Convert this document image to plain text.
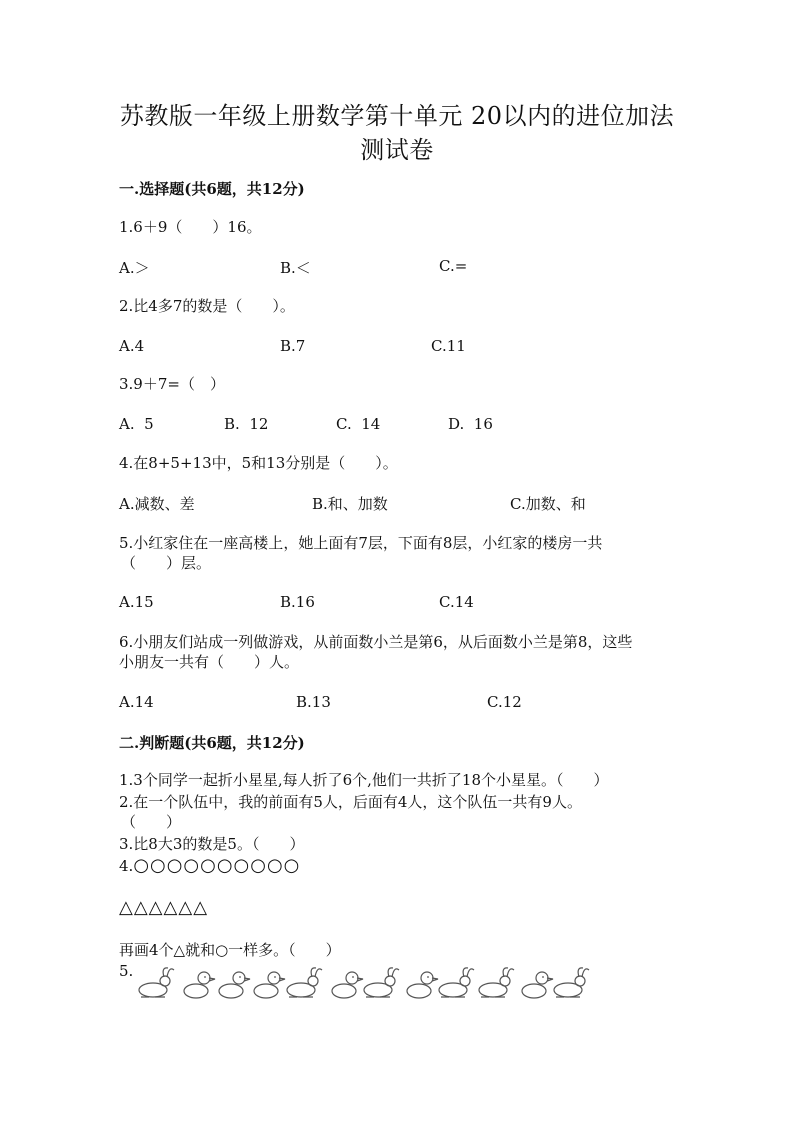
苏教版一年级上册数学第十单元 20以内的进位加法
测试卷
一.选择题(共6题，共12分)
1.6＋9（　　）16。
A.＞	B.＜	C.=
2.比4多7的数是（　　）。
A.4	B.7	C.11
3.9＋7=（　）
A.  5	B.  12	C.  14	D.  16
4.在8+5+13中，5和13分别是（　　）。
A.减数、差	B.和、加数	C.加数、和
5.小红家住在一座高楼上，她上面有7层，下面有8层，小红家的楼房一共
（　　）层。
A.15	B.16	C.14
6.小朋友们站成一列做游戏，从前面数小兰是第6，从后面数小兰是第8，这些
小朋友一共有（　　）人。
A.14	B.13	C.12
二.判断题(共6题，共12分)
1.3个同学一起折小星星,每人折了6个,他们一共折了18个小星星。（　　）
2.在一个队伍中，我的前面有5人，后面有4人，这个队伍一共有9人。
（　　）
3.比8大3的数是5。（　　）
4.○○○○○○○○○○
△△△△△△
再画4个△就和○一样多。（　　）
5.
